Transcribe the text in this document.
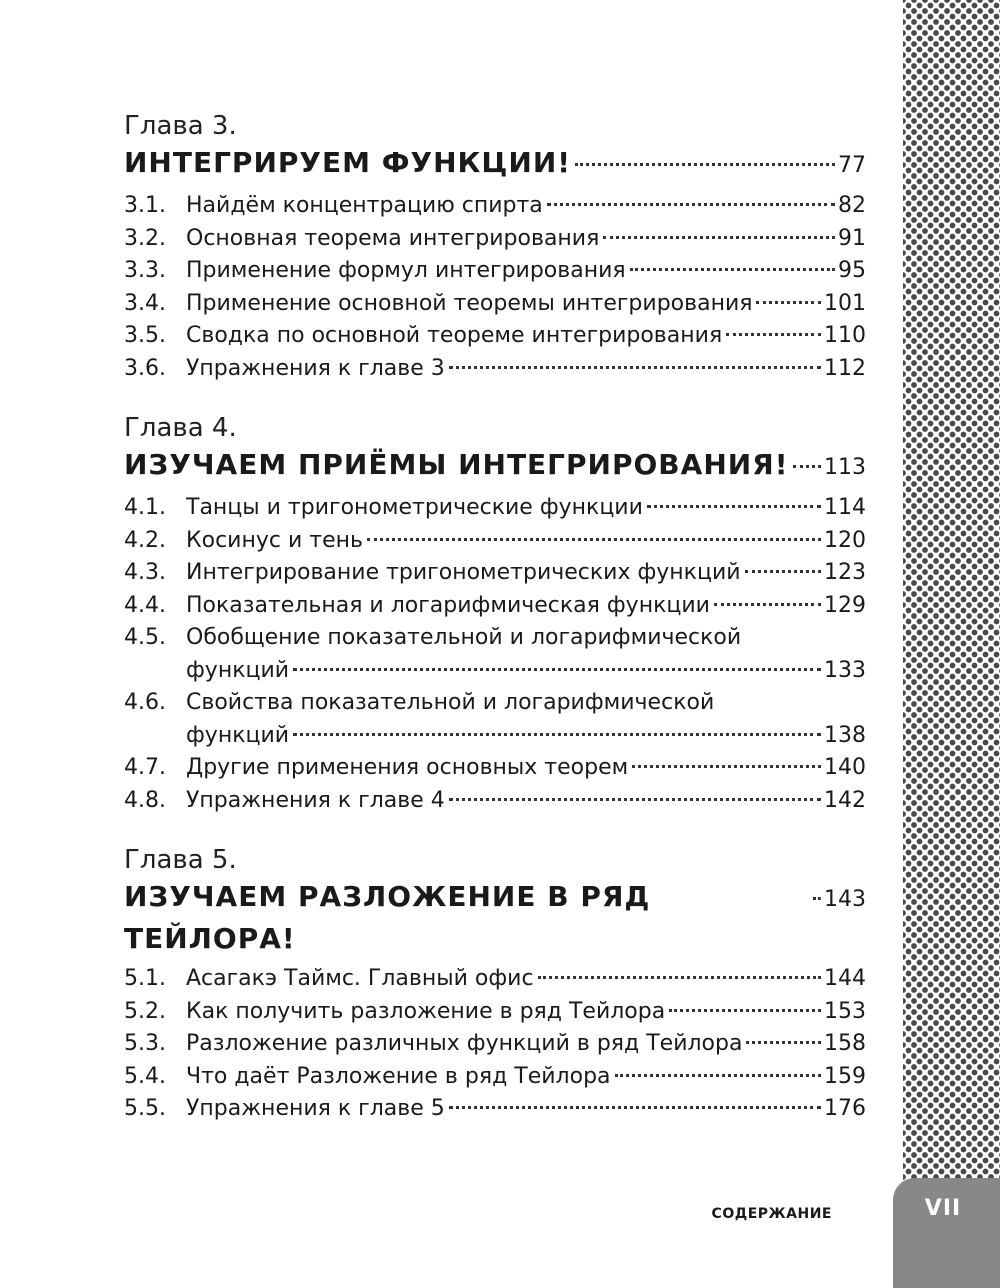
VII
СОДЕРЖАНИЕ
Глава 3.
ИНТЕГРИРУЕМ ФУНКЦИИ!	77
3.1. Найдём концентрацию спирта	82
3.2. Основная теорема интегрирования	91
3.3. Применение формул интегрирования	95
3.4. Применение основной теоремы интегрирования	101
3.5. Сводка по основной теореме интегрирования	110
3.6. Упражнения к главе 3	112
Глава 4.
ИЗУЧАЕМ ПРИЁМЫ ИНТЕГРИРОВАНИЯ! 113
4.1. Танцы и тригонометрические функции	114
4.2. Косинус и тень	120
4.3. Интегрирование тригонометрических функций	123
4.4. Показательная и логарифмическая функции	129
4.5. Обобщение показательной и логарифмической
функций	133
4.6. Свойства показательной и логарифмической
функций	138
4.7. Другие применения основных теорем	140
4.8. Упражнения к главе 4	142
Глава 5.
ИЗУЧАЕМ РАЗЛОЖЕНИЕ В РЯД ТЕЙЛОРА!
143
5.1. Асагакэ Таймс. Главный офис	144
5.2. Как получить разложение в ряд Тейлора	153
5.3. Разложение различных функций в ряд Тейлора	158
5.4. Что даёт Разложение в ряд Тейлора	159
5.5. Упражнения к главе 5	176
